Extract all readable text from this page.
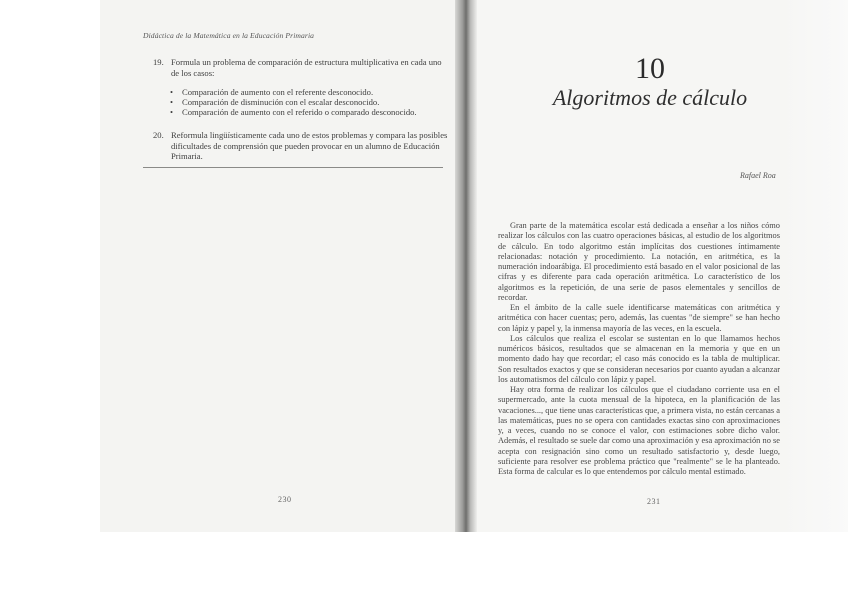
Didáctica de la Matemática en la Educación Primaria
19. Formula un problema de comparación de estructura multiplicativa en cada uno de los casos:
• Comparación de aumento con el referente desconocido.
• Comparación de disminución con el escalar desconocido.
• Comparación de aumento con el referido o comparado desconocido.
20. Reformula lingüísticamente cada uno de estos problemas y compara las posibles dificultades de comprensión que pueden provocar en un alumno de Educación Primaria.
230
10
Algoritmos de cálculo
Rafael Roa

Gran parte de la matemática escolar está dedicada a enseñar a los niños cómo realizar los cálculos con las cuatro operaciones básicas, al estudio de los algoritmos de cálculo. En todo algoritmo están implícitas dos cuestiones íntimamente relacionadas: notación y procedimiento. La notación, en aritmética, es la numeración indoarábiga. El procedimiento está basado en el valor posicional de las cifras y es diferente para cada operación aritmética. Lo característico de los algoritmos es la repetición, de una serie de pasos elementales y sencillos de recordar.

En el ámbito de la calle suele identificarse matemáticas con aritmética y aritmética con hacer cuentas; pero, además, las cuentas "de siempre" se han hecho con lápiz y papel y, la inmensa mayoría de las veces, en la escuela.

Los cálculos que realiza el escolar se sustentan en lo que llamamos hechos numéricos básicos, resultados que se almacenan en la memoria y que en un momento dado hay que recordar; el caso más conocido es la tabla de multiplicar. Son resultados exactos y que se consideran necesarios por cuanto ayudan a alcanzar los automatismos del cálculo con lápiz y papel.

Hay otra forma de realizar los cálculos que el ciudadano corriente usa en el supermercado, ante la cuota mensual de la hipoteca, en la planificación de las vacaciones..., que tiene unas características que, a primera vista, no están cercanas a las matemáticas, pues no se opera con cantidades exactas sino con aproximaciones y, a veces, cuando no se conoce el valor, con estimaciones sobre dicho valor. Además, el resultado se suele dar como una aproximación y esa aproximación no se acepta con resignación sino como un resultado satisfactorio y, desde luego, suficiente para resolver ese problema práctico que "realmente" se le ha planteado. Esta forma de calcular es lo que entendemos por cálculo mental estimado.

231
